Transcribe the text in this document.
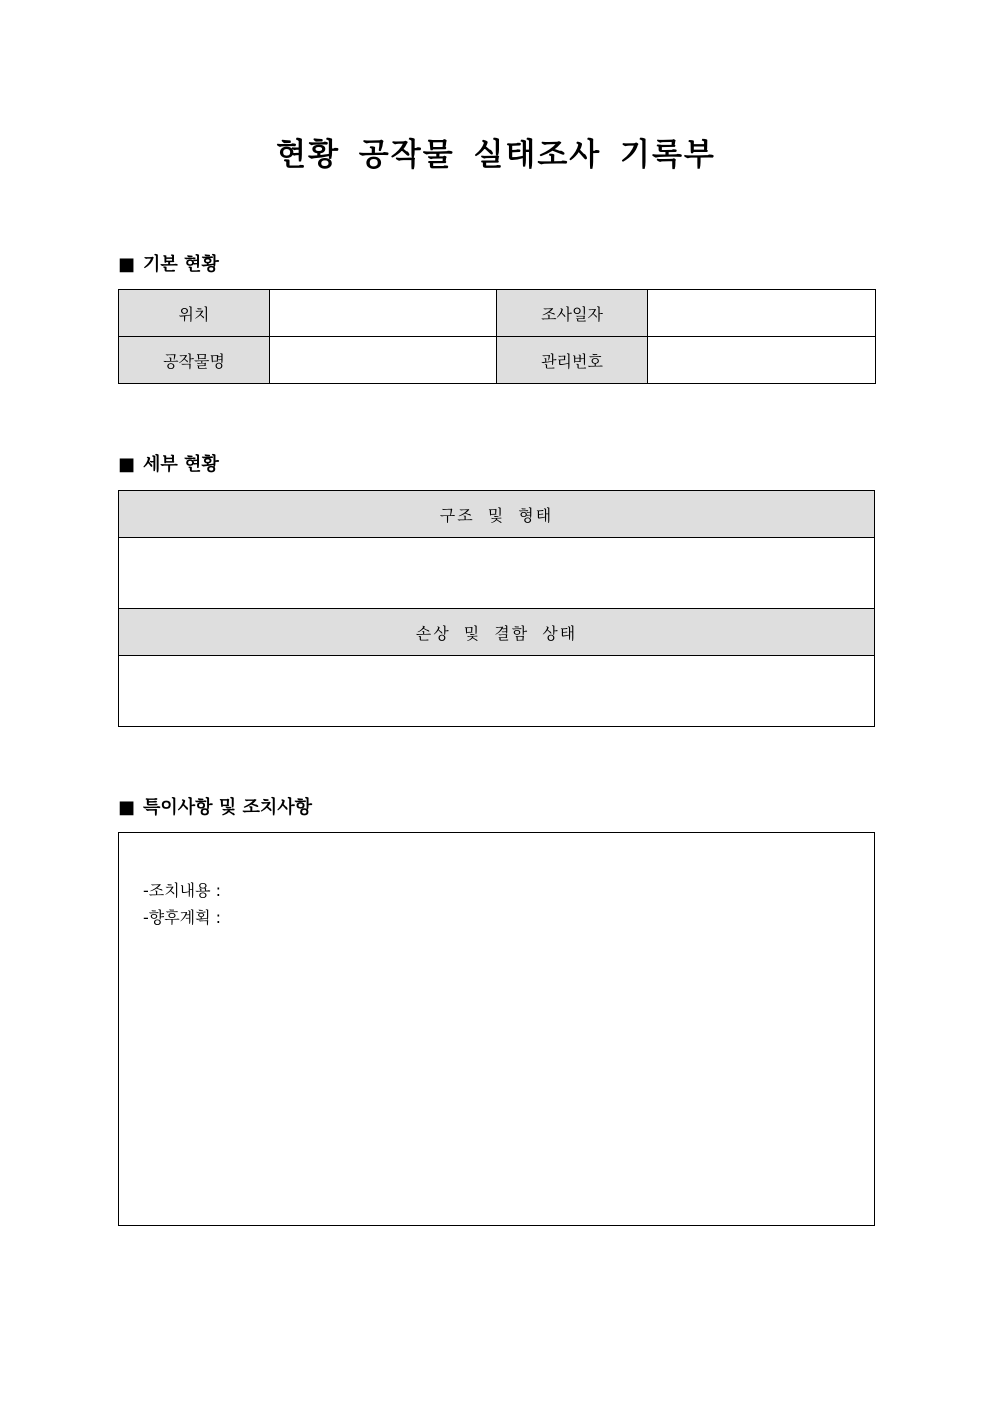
현황 공작물 실태조사 기록부
■ 기본 현황
위치		조사일자	
공작물명		관리번호	
■ 세부 현황
구조 및 형태

손상 및 결함 상태

■ 특이사항 및 조치사항
-조치내용 :
-향후계획 :
